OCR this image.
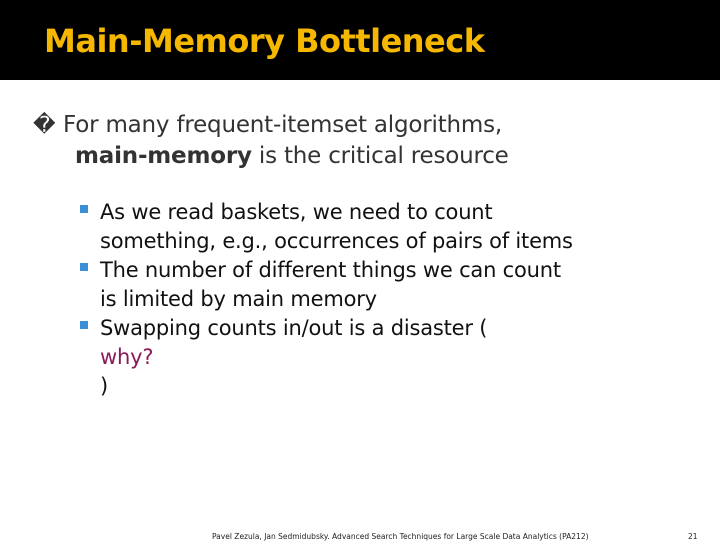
Main-Memory Bottleneck
� For many frequent-itemset algorithms,
main-memory is the critical resource
As we read baskets, we need to count
something, e.g., occurrences of pairs of items
The number of different things we can count
is limited by main memory
Swapping counts in/out is a disaster (
why?
)
Pavel Zezula, Jan Sedmidubsky. Advanced Search Techniques for Large Scale Data Analytics (PA212)	21
